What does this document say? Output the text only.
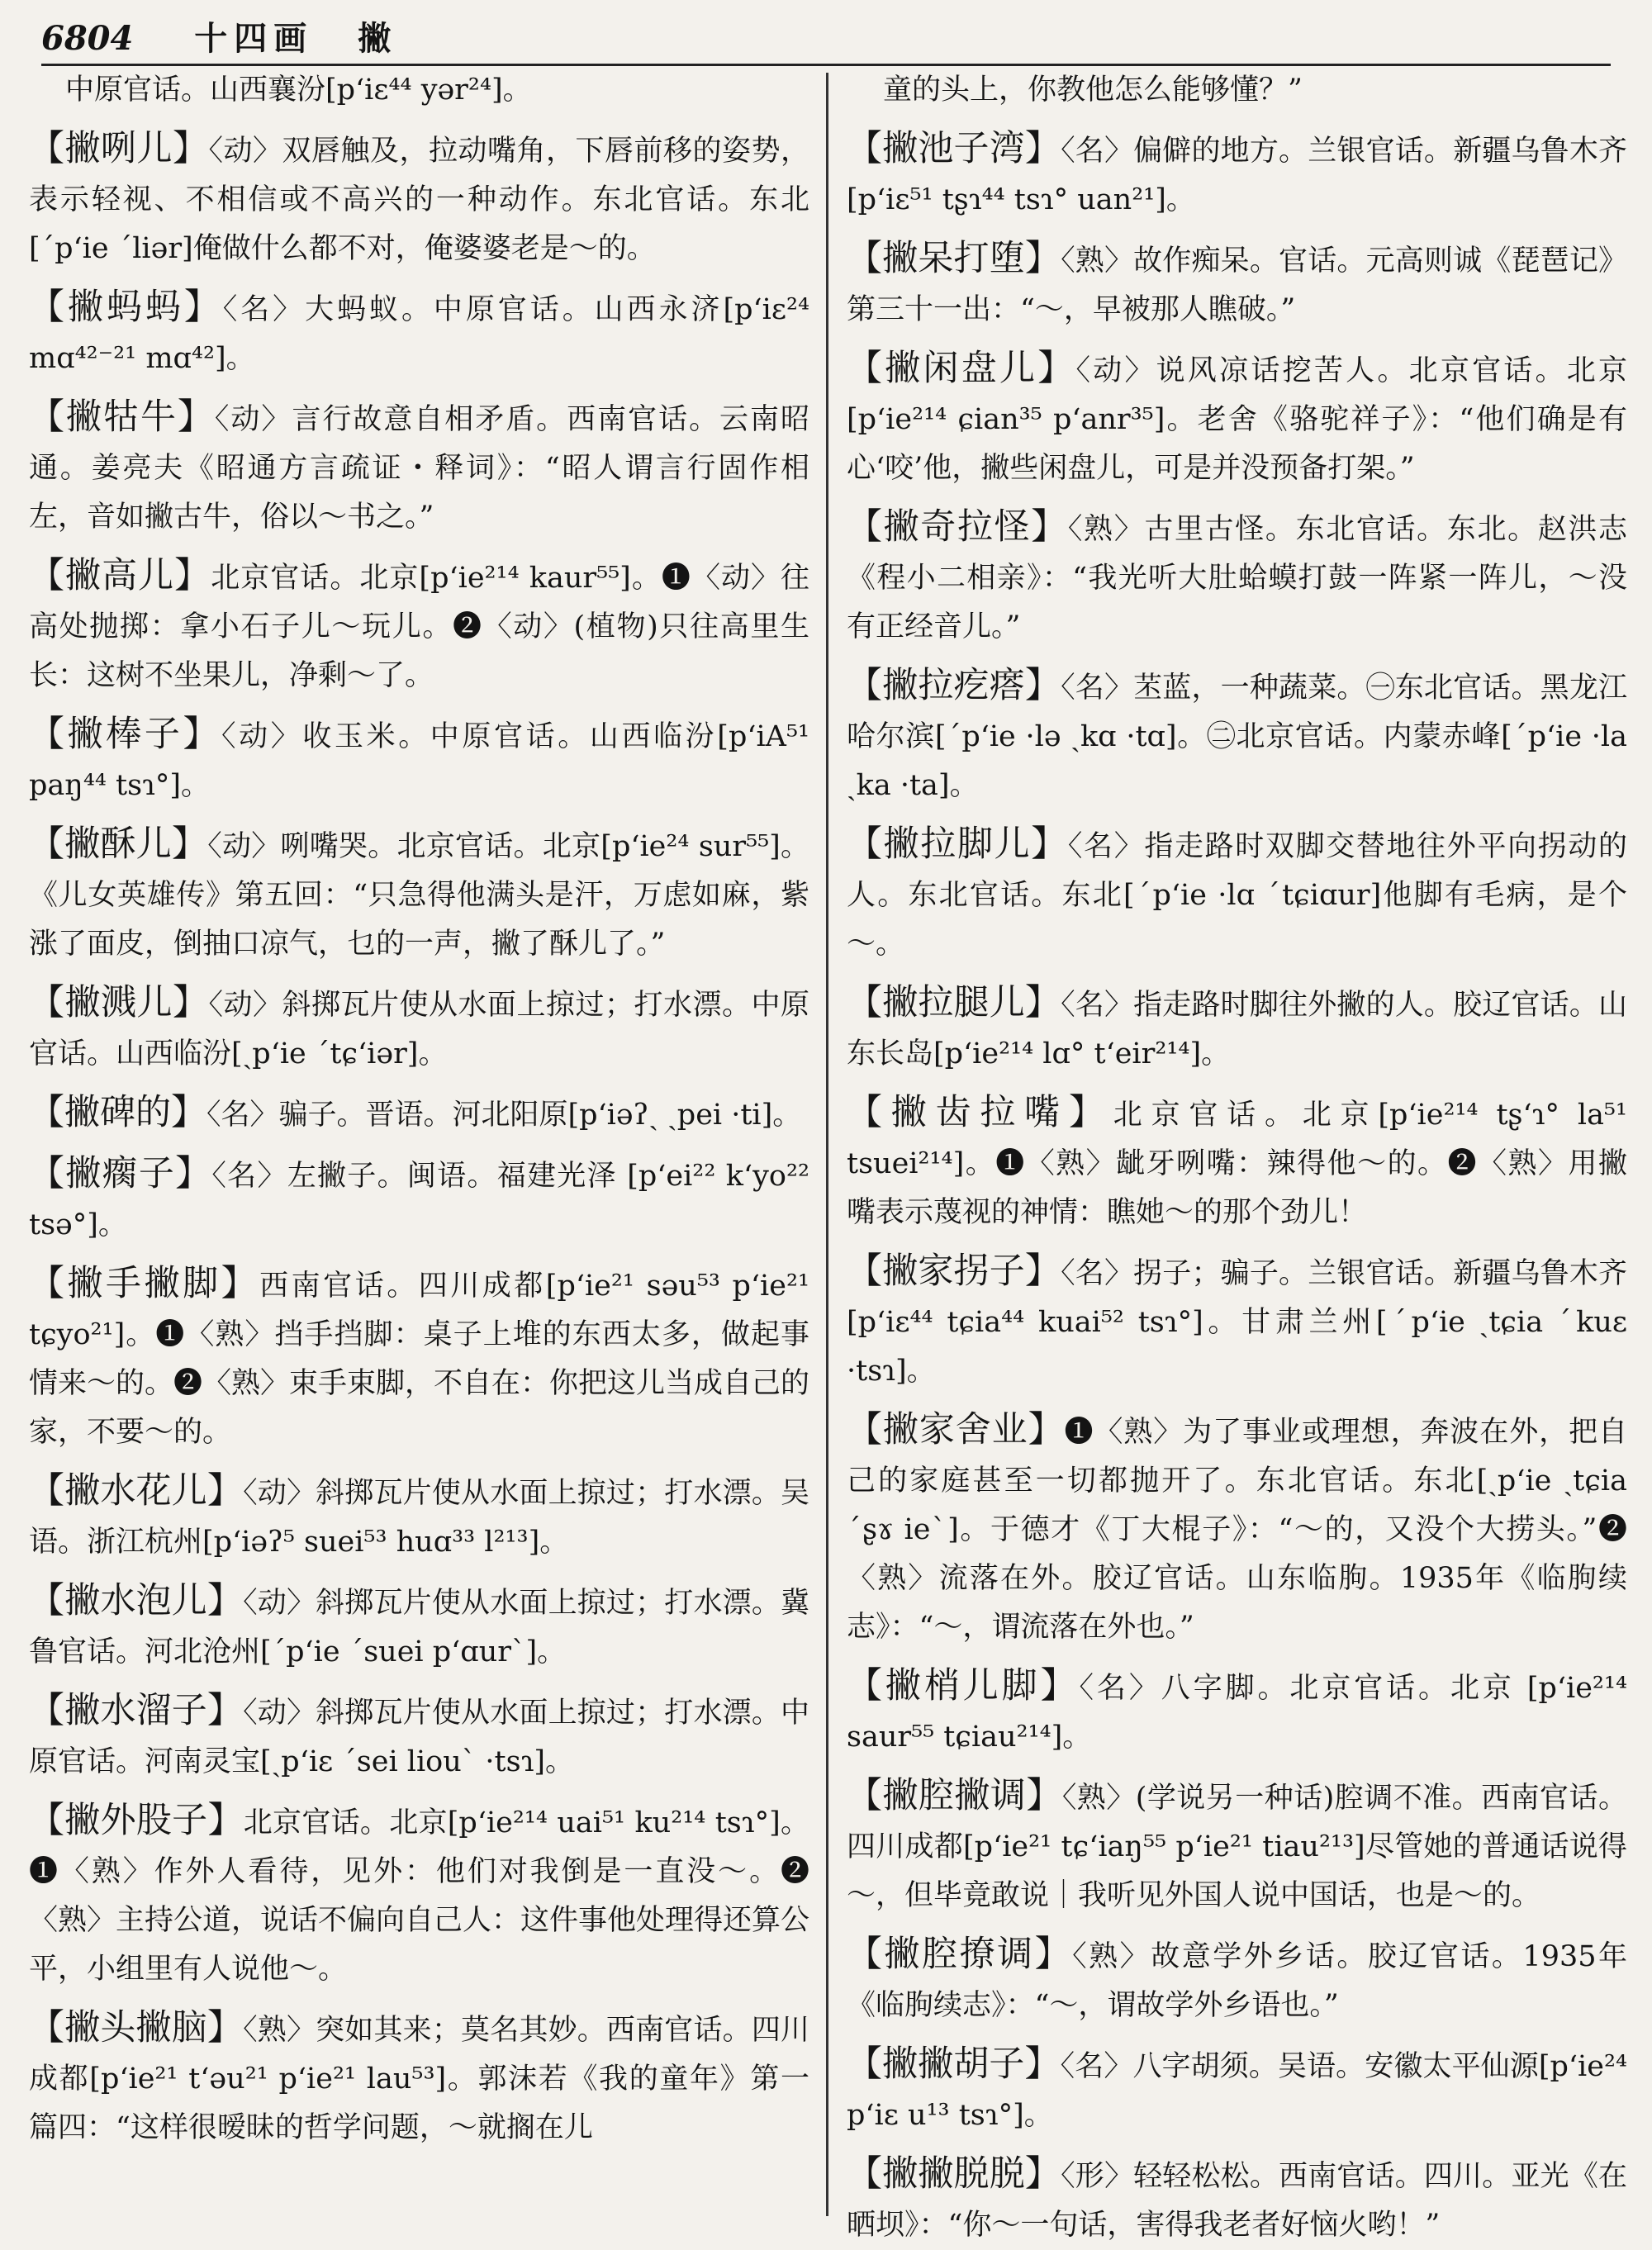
6804 十四画 撇

中原官话。山西襄汾[pʻiɛ⁴⁴ yər²⁴]。

【 撇咧儿 】 〈动〉双唇触及，拉动嘴角，下唇前移的姿势，表示轻视、不相信或不高兴的一种动作。东北官话。东北[ˊpʻie ˊliər]俺做什么都不对，俺婆婆老是～的。

【 撇蚂蚂 】 〈名〉大蚂蚁。中原官话。山西永济[pʻiɛ²⁴ mɑ⁴²⁻²¹ mɑ⁴²]。

【 撇牯牛 】 〈动〉言行故意自相矛盾。西南官话。云南昭通。姜亮夫《昭通方言疏证・释词》：“昭人谓言行固作相左，音如撇古牛，俗以～书之。”

【 撇高儿 】 北京官话。北京[pʻie²¹⁴ kaur⁵⁵]。❶〈动〉往高处抛掷：拿小石子儿～玩儿。❷〈动〉(植物)只往高里生长：这树不坐果儿，净剩～了。

【 撇棒子 】 〈动〉收玉米。中原官话。山西临汾[pʻiA⁵¹ paŋ⁴⁴ tsɿ°]。

【 撇酥儿 】 〈动〉咧嘴哭。北京官话。北京[pʻie²⁴ sur⁵⁵]。《儿女英雄传》第五回：“只急得他满头是汗，万虑如麻，紫涨了面皮，倒抽口凉气，乜的一声，撇了酥儿了。”

【 撇溅儿 】 〈动〉斜掷瓦片使从水面上掠过；打水漂。中原官话。山西临汾[ˏpʻie ˊtɕʻiər]。

【 撇碑的 】 〈名〉骗子。晋语。河北阳原[pʻiəʔˏ ˏpei ·ti]。

【 撇瘸子 】 〈名〉左撇子。闽语。福建光泽 [pʻei²² kʻyo²² tsə°]。

【 撇手撇脚 】 西南官话。四川成都[pʻie²¹ səu⁵³ pʻie²¹ tɕyo²¹]。❶〈熟〉挡手挡脚：桌子上堆的东西太多，做起事情来～的。❷〈熟〉束手束脚，不自在：你把这儿当成自己的家，不要～的。

【 撇水花儿 】 〈动〉斜掷瓦片使从水面上掠过；打水漂。吴语。浙江杭州[pʻiəʔ⁵ suei⁵³ huɑ³³ l²¹³]。

【 撇水泡儿 】 〈动〉斜掷瓦片使从水面上掠过；打水漂。冀鲁官话。河北沧州[ˊpʻie ˊsuei pʻɑurˋ]。

【 撇水溜子 】 〈动〉斜掷瓦片使从水面上掠过；打水漂。中原官话。河南灵宝[ˏpʻiɛ ˊsei liouˋ ·tsɿ]。

【 撇外股子 】 北京官话。北京[pʻie²¹⁴ uai⁵¹ ku²¹⁴ tsɿ°]。❶〈熟〉作外人看待，见外：他们对我倒是一直没～。❷〈熟〉主持公道，说话不偏向自己人：这件事他处理得还算公平，小组里有人说他～。

【 撇头撇脑 】 〈熟〉突如其来；莫名其妙。西南官话。四川成都[pʻie²¹ tʻəu²¹ pʻie²¹ lau⁵³]。郭沫若《我的童年》第一篇四：“这样很暧昧的哲学问题，～就搁在儿

童的头上，你教他怎么能够懂？”

【 撇池子湾 】 〈名〉偏僻的地方。兰银官话。新疆乌鲁木齐[pʻiɛ⁵¹ tʂɿ⁴⁴ tsɿ° uan²¹]。

【 撇呆打堕 】 〈熟〉故作痴呆。官话。元高则诚《琵琶记》第三十一出：“～，早被那人瞧破。”

【 撇闲盘儿 】 〈动〉说风凉话挖苦人。北京官话。北京[pʻie²¹⁴ ɕian³⁵ pʻanr³⁵]。老舍《骆驼祥子》：“他们确是有心‘咬’他，撇些闲盘儿，可是并没预备打架。”

【 撇奇拉怪 】 〈熟〉古里古怪。东北官话。东北。赵洪志《程小二相亲》：“我光听大肚蛤蟆打鼓一阵紧一阵儿，～没有正经音儿。”

【 撇拉疙瘩 】 〈名〉苤蓝，一种蔬菜。㊀东北官话。黑龙江哈尔滨[ˊpʻie ·lə ˏkɑ ·tɑ]。㊁北京官话。内蒙赤峰[ˊpʻie ·la ˏka ·ta]。

【 撇拉脚儿 】 〈名〉指走路时双脚交替地往外平向拐动的人。东北官话。东北[ˊpʻie ·lɑ ˊtɕiɑur]他脚有毛病，是个～。

【 撇拉腿儿 】 〈名〉指走路时脚往外撇的人。胶辽官话。山东长岛[pʻie²¹⁴ lɑ° tʻeir²¹⁴]。

【 撇齿拉嘴 】 北京官话。北京[pʻie²¹⁴ tʂʻɿ° la⁵¹ tsuei²¹⁴]。❶〈熟〉龇牙咧嘴：辣得他～的。❷〈熟〉用撇嘴表示蔑视的神情：瞧她～的那个劲儿！

【 撇家拐子 】 〈名〉拐子；骗子。兰银官话。新疆乌鲁木齐[pʻiɛ⁴⁴ tɕia⁴⁴ kuai⁵² tsɿ°]。甘肃兰州[ˊpʻie ˏtɕia ˊkuɛ ·tsɿ]。

【 撇家舍业 】 ❶〈熟〉为了事业或理想，奔波在外，把自己的家庭甚至一切都抛开了。东北官话。东北[ˏpʻie ˏtɕia ˊʂɤ ieˋ]。于德才《丁大棍子》：“～的，又没个大捞头。”❷〈熟〉流落在外。胶辽官话。山东临朐。1935年《临朐续志》：“～，谓流落在外也。”

【 撇梢儿脚 】 〈名〉八字脚。北京官话。北京 [pʻie²¹⁴ saur⁵⁵ tɕiau²¹⁴]。

【 撇腔撇调 】 〈熟〉(学说另一种话)腔调不准。西南官话。四川成都[pʻie²¹ tɕʻiaŋ⁵⁵ pʻie²¹ tiau²¹³]尽管她的普通话说得～，但毕竟敢说｜我听见外国人说中国话，也是～的。

【 撇腔撩调 】 〈熟〉故意学外乡话。胶辽官话。1935年《临朐续志》：“～，谓故学外乡语也。”

【 撇撇胡子 】 〈名〉八字胡须。吴语。安徽太平仙源[pʻie²⁴ pʻiɛ u¹³ tsɿ°]。

【 撇撇脱脱 】 〈形〉轻轻松松。西南官话。四川。亚光《在晒坝》：“你～一句话，害得我老者好恼火哟！”
